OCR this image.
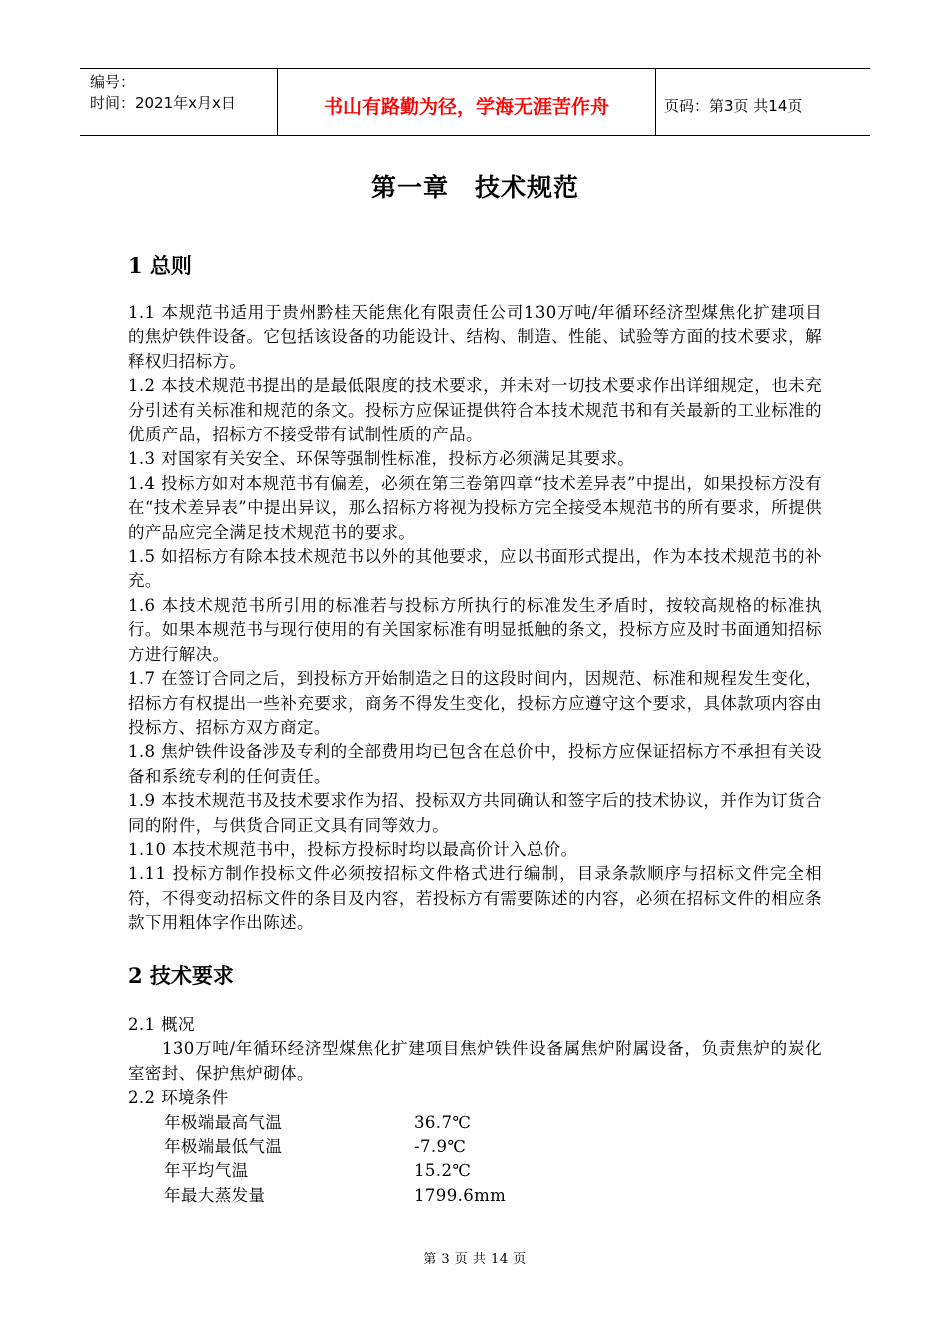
编号：
时间：2021年x月x日	书山有路勤为径，学海无涯苦作舟	页码：第3页 共14页
第一章　技术规范
1 总则

1.1 本规范书适用于贵州黔桂天能焦化有限责任公司130万吨/年循环经济型煤焦化扩建项目的焦炉铁件设备。它包括该设备的功能设计、结构、制造、性能、试验等方面的技术要求，解释权归招标方。

1.2 本技术规范书提出的是最低限度的技术要求，并未对一切技术要求作出详细规定，也未充分引述有关标准和规范的条文。投标方应保证提供符合本技术规范书和有关最新的工业标准的优质产品，招标方不接受带有试制性质的产品。

1.3 对国家有关安全、环保等强制性标准，投标方必须满足其要求。

1.4 投标方如对本规范书有偏差，必须在第三卷第四章“技术差异表”中提出，如果投标方没有在“技术差异表”中提出异议，那么招标方将视为投标方完全接受本规范书的所有要求，所提供的产品应完全满足技术规范书的要求。

1.5 如招标方有除本技术规范书以外的其他要求，应以书面形式提出，作为本技术规范书的补充。

1.6 本技术规范书所引用的标准若与投标方所执行的标准发生矛盾时，按较高规格的标准执行。如果本规范书与现行使用的有关国家标准有明显抵触的条文，投标方应及时书面通知招标方进行解决。

1.7 在签订合同之后，到投标方开始制造之日的这段时间内，因规范、标准和规程发生变化，招标方有权提出一些补充要求，商务不得发生变化，投标方应遵守这个要求，具体款项内容由投标方、招标方双方商定。

1.8 焦炉铁件设备涉及专利的全部费用均已包含在总价中，投标方应保证招标方不承担有关设备和系统专利的任何责任。

1.9 本技术规范书及技术要求作为招、投标双方共同确认和签字后的技术协议，并作为订货合同的附件，与供货合同正文具有同等效力。

1.10 本技术规范书中，投标方投标时均以最高价计入总价。

1.11 投标方制作投标文件必须按招标文件格式进行编制，目录条款顺序与招标文件完全相符，不得变动招标文件的条目及内容，若投标方有需要陈述的内容，必须在招标文件的相应条款下用粗体字作出陈述。

2 技术要求

2.1 概况

130万吨/年循环经济型煤焦化扩建项目焦炉铁件设备属焦炉附属设备，负责焦炉的炭化室密封、保护焦炉砌体。

2.2 环境条件

年极端最高气温	36.7℃
年极端最低气温	-7.9℃
年平均气温	15.2℃
年最大蒸发量	1799.6mm
第 3 页 共 14 页
